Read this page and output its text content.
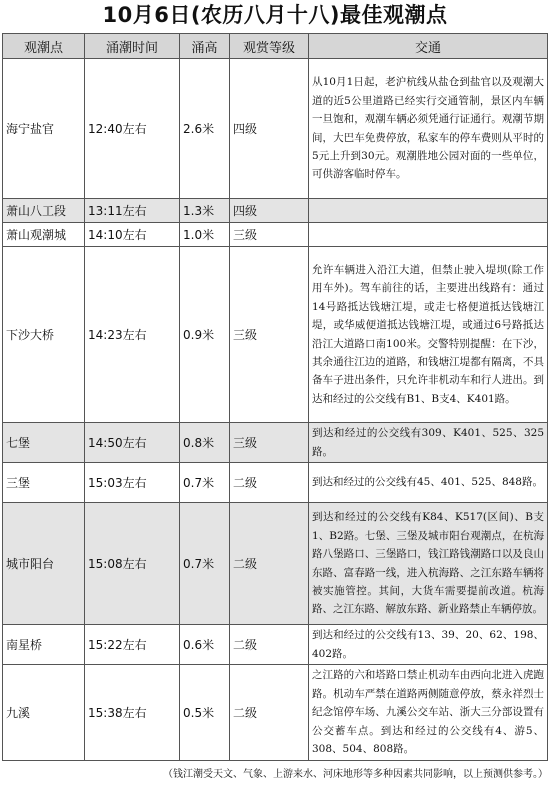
10月6日(农历八月十八)最佳观潮点
观潮点	涌潮时间	涌高	观赏等级	交通
海宁盐官	12:40左右	2.6米	四级	从10月1日起，老沪杭线从盐仓到盐官以及观潮大道的近5公里道路已经实行交通管制，景区内车辆一旦饱和，观潮车辆必须凭通行证通行。观潮节期间，大巴车免费停放，私家车的停车费则从平时的5元上升到30元。观潮胜地公园对面的一些单位，可供游客临时停车。
萧山八工段	13:11左右	1.3米	四级	
萧山观潮城	14:10左右	1.0米	三级	
下沙大桥	14:23左右	0.9米	三级	允许车辆进入沿江大道，但禁止驶入堤坝(除工作用车外)。驾车前往的话，主要进出线路有：通过14号路抵达钱塘江堤，或走七格便道抵达钱塘江堤，或华威便道抵达钱塘江堤，或通过6号路抵达沿江大道路口南100米。交警特别提醒：在下沙，其余通往江边的道路，和钱塘江堤都有隔离，不具备车子进出条件，只允许非机动车和行人进出。到达和经过的公交线有B1、B支4、K401路。
七堡	14:50左右	0.8米	三级	到达和经过的公交线有309、K401、525、325路。
三堡	15:03左右	0.7米	二级	到达和经过的公交线有45、401、525、848路。
城市阳台	15:08左右	0.7米	二级	到达和经过的公交线有K84、K517(区间)、B支1、B2路。七堡、三堡及城市阳台观潮点，在杭海路八堡路口、三堡路口，钱江路钱潮路口以及良山东路、富春路一线，进入杭海路、之江东路车辆将被实施管控。其间，大货车需要提前改道。杭海路、之江东路、解放东路、新业路禁止车辆停放。
南星桥	15:22左右	0.6米	二级	到达和经过的公交线有13、39、20、62、198、402路。
九溪	15:38左右	0.5米	二级	之江路的六和塔路口禁止机动车由西向北进入虎跑路。机动车严禁在道路两侧随意停放，蔡永祥烈士纪念馆停车场、九溪公交车站、浙大三分部设置有公交蓄车点。到达和经过的公交线有4、游5、308、504、808路。
（钱江潮受天文、气象、上游来水、河床地形等多种因素共同影响，以上预测供参考。）
